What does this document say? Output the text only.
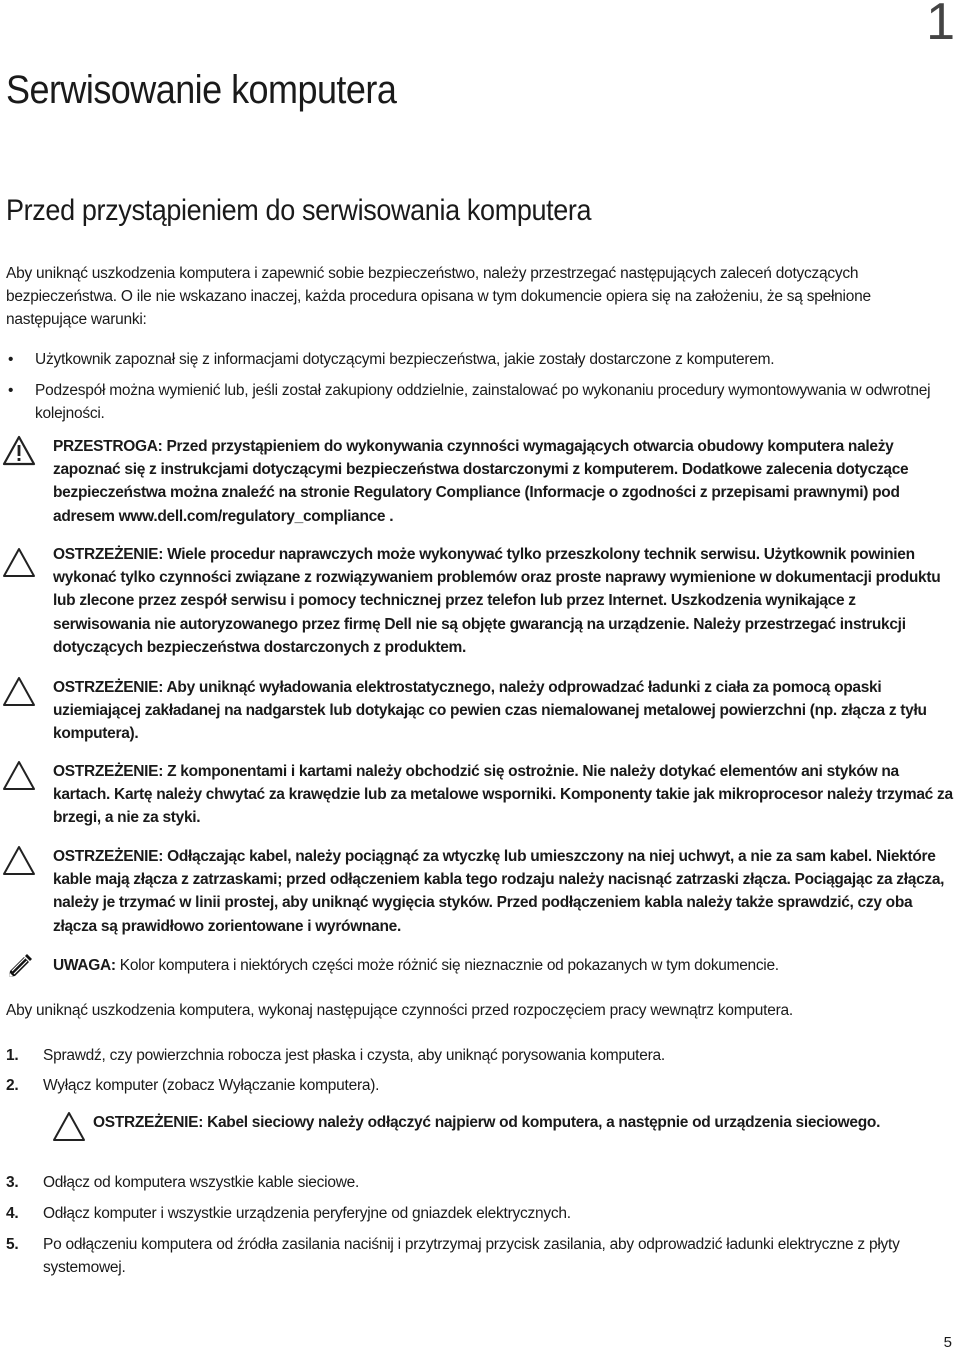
1
Serwisowanie komputera
Przed przystąpieniem do serwisowania komputera

Aby uniknąć uszkodzenia komputera i zapewnić sobie bezpieczeństwo, należy przestrzegać następujących zaleceń dotyczących bezpieczeństwa. O ile nie wskazano inaczej, każda procedura opisana w tym dokumencie opiera się na założeniu, że są spełnione następujące warunki:

• Użytkownik zapoznał się z informacjami dotyczącymi bezpieczeństwa, jakie zostały dostarczone z komputerem.
• Podzespół można wymienić lub, jeśli został zakupiony oddzielnie, zainstalować po wykonaniu procedury wymontowywania w odwrotnej kolejności.
PRZESTROGA: Przed przystąpieniem do wykonywania czynności wymagających otwarcia obudowy komputera należy zapoznać się z instrukcjami dotyczącymi bezpieczeństwa dostarczonymi z komputerem. Dodatkowe zalecenia dotyczące bezpieczeństwa można znaleźć na stronie Regulatory Compliance (Informacje o zgodności z przepisami prawnymi) pod adresem www.dell.com/regulatory_compliance .
OSTRZEŻENIE: Wiele procedur naprawczych może wykonywać tylko przeszkolony technik serwisu. Użytkownik powinien wykonać tylko czynności związane z rozwiązywaniem problemów oraz proste naprawy wymienione w dokumentacji produktu lub zlecone przez zespół serwisu i pomocy technicznej przez telefon lub przez Internet. Uszkodzenia wynikające z serwisowania nie autoryzowanego przez firmę Dell nie są objęte gwarancją na urządzenie. Należy przestrzegać instrukcji dotyczących bezpieczeństwa dostarczonych z produktem.
OSTRZEŻENIE: Aby uniknąć wyładowania elektrostatycznego, należy odprowadzać ładunki z ciała za pomocą opaski uziemiającej zakładanej na nadgarstek lub dotykając co pewien czas niemalowanej metalowej powierzchni (np. złącza z tyłu komputera).
OSTRZEŻENIE: Z komponentami i kartami należy obchodzić się ostrożnie. Nie należy dotykać elementów ani styków na kartach. Kartę należy chwytać za krawędzie lub za metalowe wsporniki. Komponenty takie jak mikroprocesor należy trzymać za brzegi, a nie za styki.
OSTRZEŻENIE: Odłączając kabel, należy pociągnąć za wtyczkę lub umieszczony na niej uchwyt, a nie za sam kabel. Niektóre kable mają złącza z zatrzaskami; przed odłączeniem kabla tego rodzaju należy nacisnąć zatrzaski złącza. Pociągając za złącza, należy je trzymać w linii prostej, aby uniknąć wygięcia styków. Przed podłączeniem kabla należy także sprawdzić, czy oba złącza są prawidłowo zorientowane i wyrównane.
UWAGA: Kolor komputera i niektórych części może różnić się nieznacznie od pokazanych w tym dokumencie.

Aby uniknąć uszkodzenia komputera, wykonaj następujące czynności przed rozpoczęciem pracy wewnątrz komputera.

1. Sprawdź, czy powierzchnia robocza jest płaska i czysta, aby uniknąć porysowania komputera.
2. Wyłącz komputer (zobacz Wyłączanie komputera).
OSTRZEŻENIE: Kabel sieciowy należy odłączyć najpierw od komputera, a następnie od urządzenia sieciowego.
3. Odłącz od komputera wszystkie kable sieciowe.
4. Odłącz komputer i wszystkie urządzenia peryferyjne od gniazdek elektrycznych.
5. Po odłączeniu komputera od źródła zasilania naciśnij i przytrzymaj przycisk zasilania, aby odprowadzić ładunki elektryczne z płyty systemowej.
5
